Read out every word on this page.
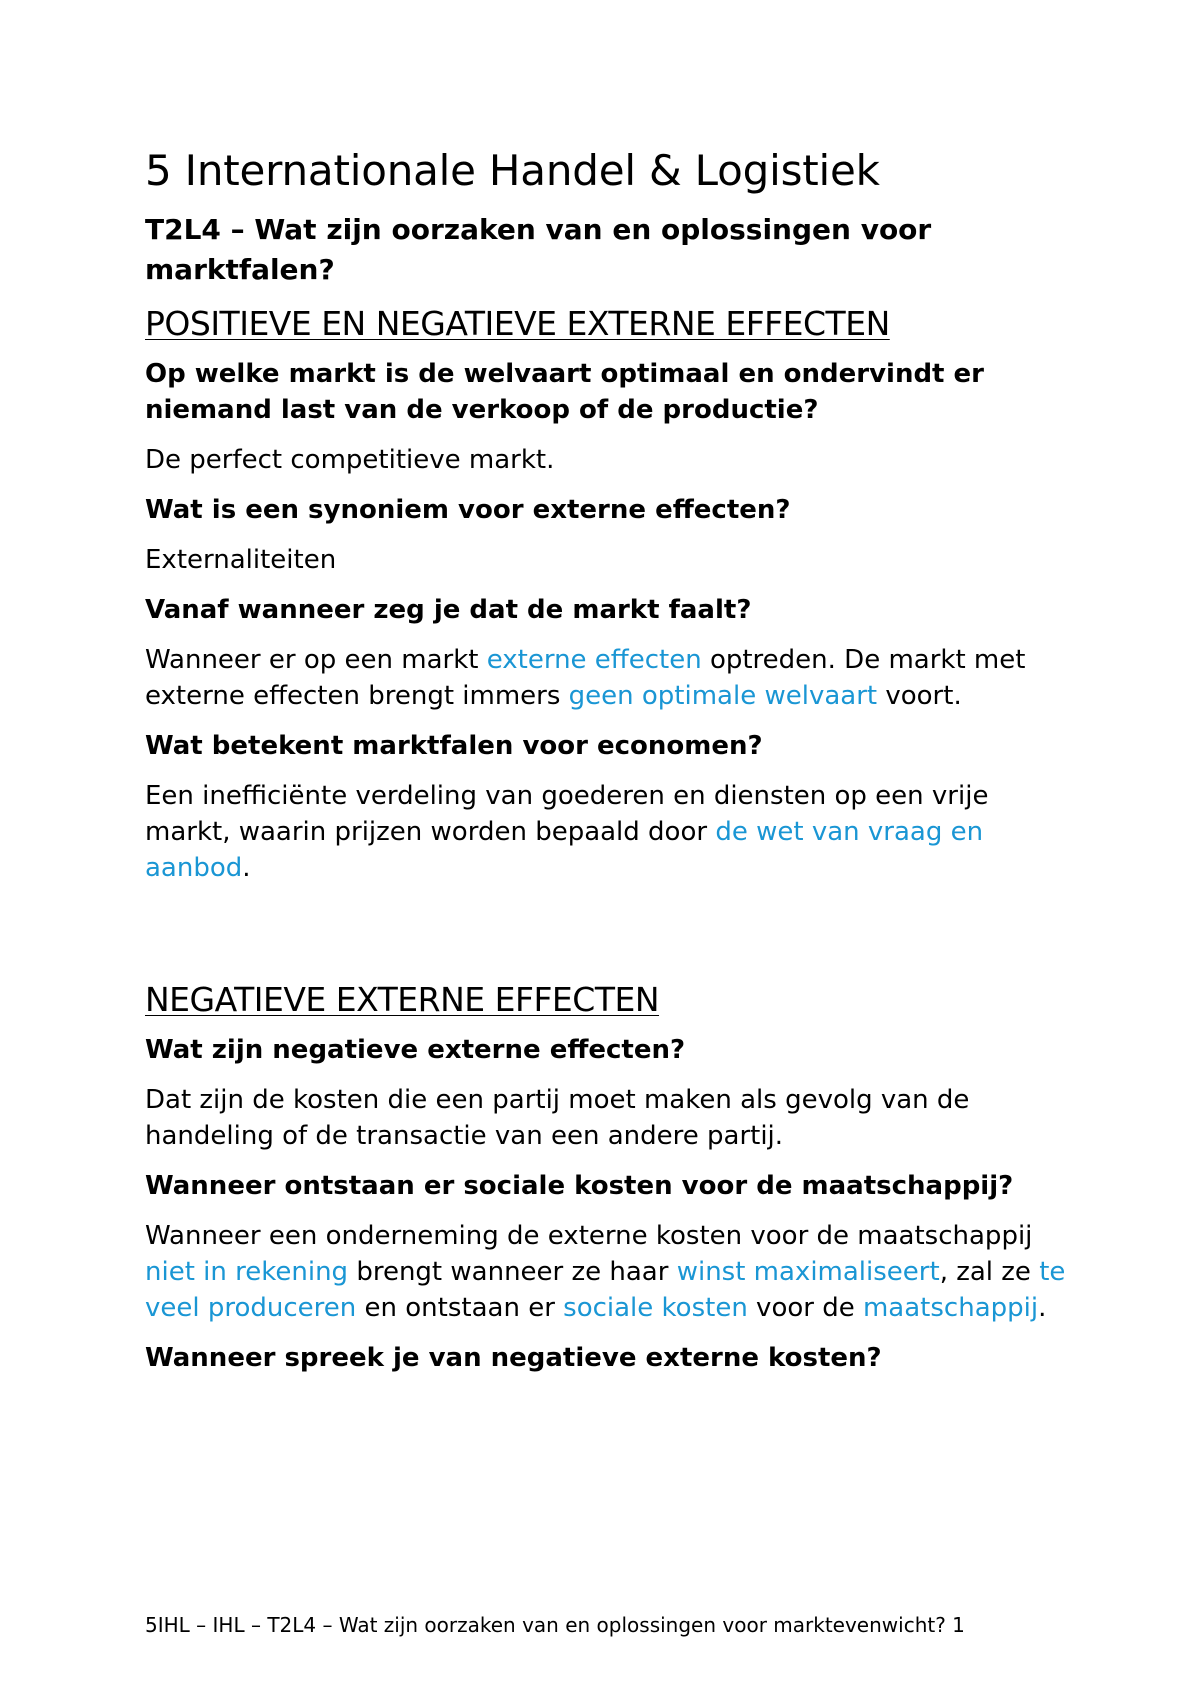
5 Internationale Handel & Logistiek
T2L4 – Wat zijn oorzaken van en oplossingen voor marktfalen?
POSITIEVE EN NEGATIEVE EXTERNE EFFECTEN

Op welke markt is de welvaart optimaal en ondervindt er niemand last van de verkoop of de productie?

De perfect competitieve markt.

Wat is een synoniem voor externe effecten?

Externaliteiten

Vanaf wanneer zeg je dat de markt faalt?

Wanneer er op een markt externe effecten optreden. De markt met externe effecten brengt immers geen optimale welvaart voort.

Wat betekent marktfalen voor economen?

Een inefficiënte verdeling van goederen en diensten op een vrije markt, waarin prijzen worden bepaald door de wet van vraag en aanbod.

NEGATIEVE EXTERNE EFFECTEN

Wat zijn negatieve externe effecten?

Dat zijn de kosten die een partij moet maken als gevolg van de handeling of de transactie van een andere partij.

Wanneer ontstaan er sociale kosten voor de maatschappij?

Wanneer een onderneming de externe kosten voor de maatschappij niet in rekening brengt wanneer ze haar winst maximaliseert, zal ze te veel produceren en ontstaan er sociale kosten voor de maatschappij.

Wanneer spreek je van negatieve externe kosten?

5IHL – IHL – T2L4 – Wat zijn oorzaken van en oplossingen voor marktevenwicht? 1
